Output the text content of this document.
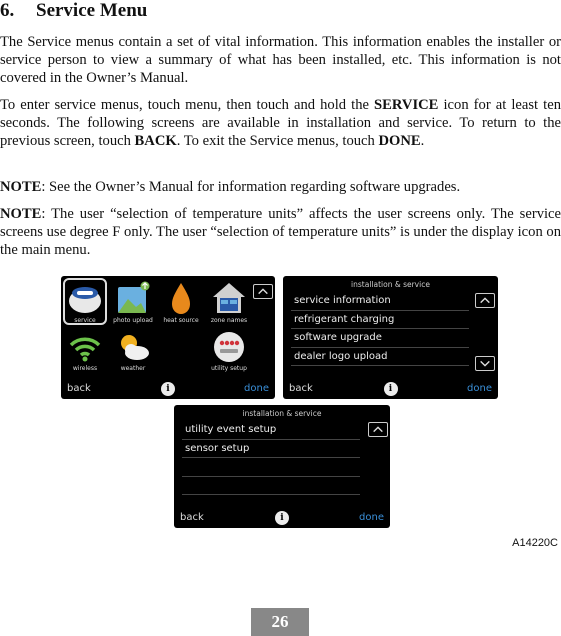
6. Service Menu

The Service menus contain a set of vital information. This information enables the installer or service person to view a summary of what has been installed, etc. This information is not covered in the Owner’s Manual.

To enter service menus, touch menu, then touch and hold the SERVICE icon for at least ten seconds. The following screens are available in installation and service. To return to the previous screen, touch BACK. To exit the Service menus, touch DONE.

NOTE: See the Owner’s Manual for information regarding software upgrades.

NOTE: The user “selection of temperature units” affects the user screens only. The service screens use degree F only. The user “selection of temperature units” is under the display icon on the main menu.

service	photo upload	heat source	zone names
wireless	weather	utility setup
back	i	done
installation & service
service information
refrigerant charging
software upgrade
dealer logo upload
back	i	done
installation & service
utility event setup
sensor setup
back	i	done
A14220C
26
